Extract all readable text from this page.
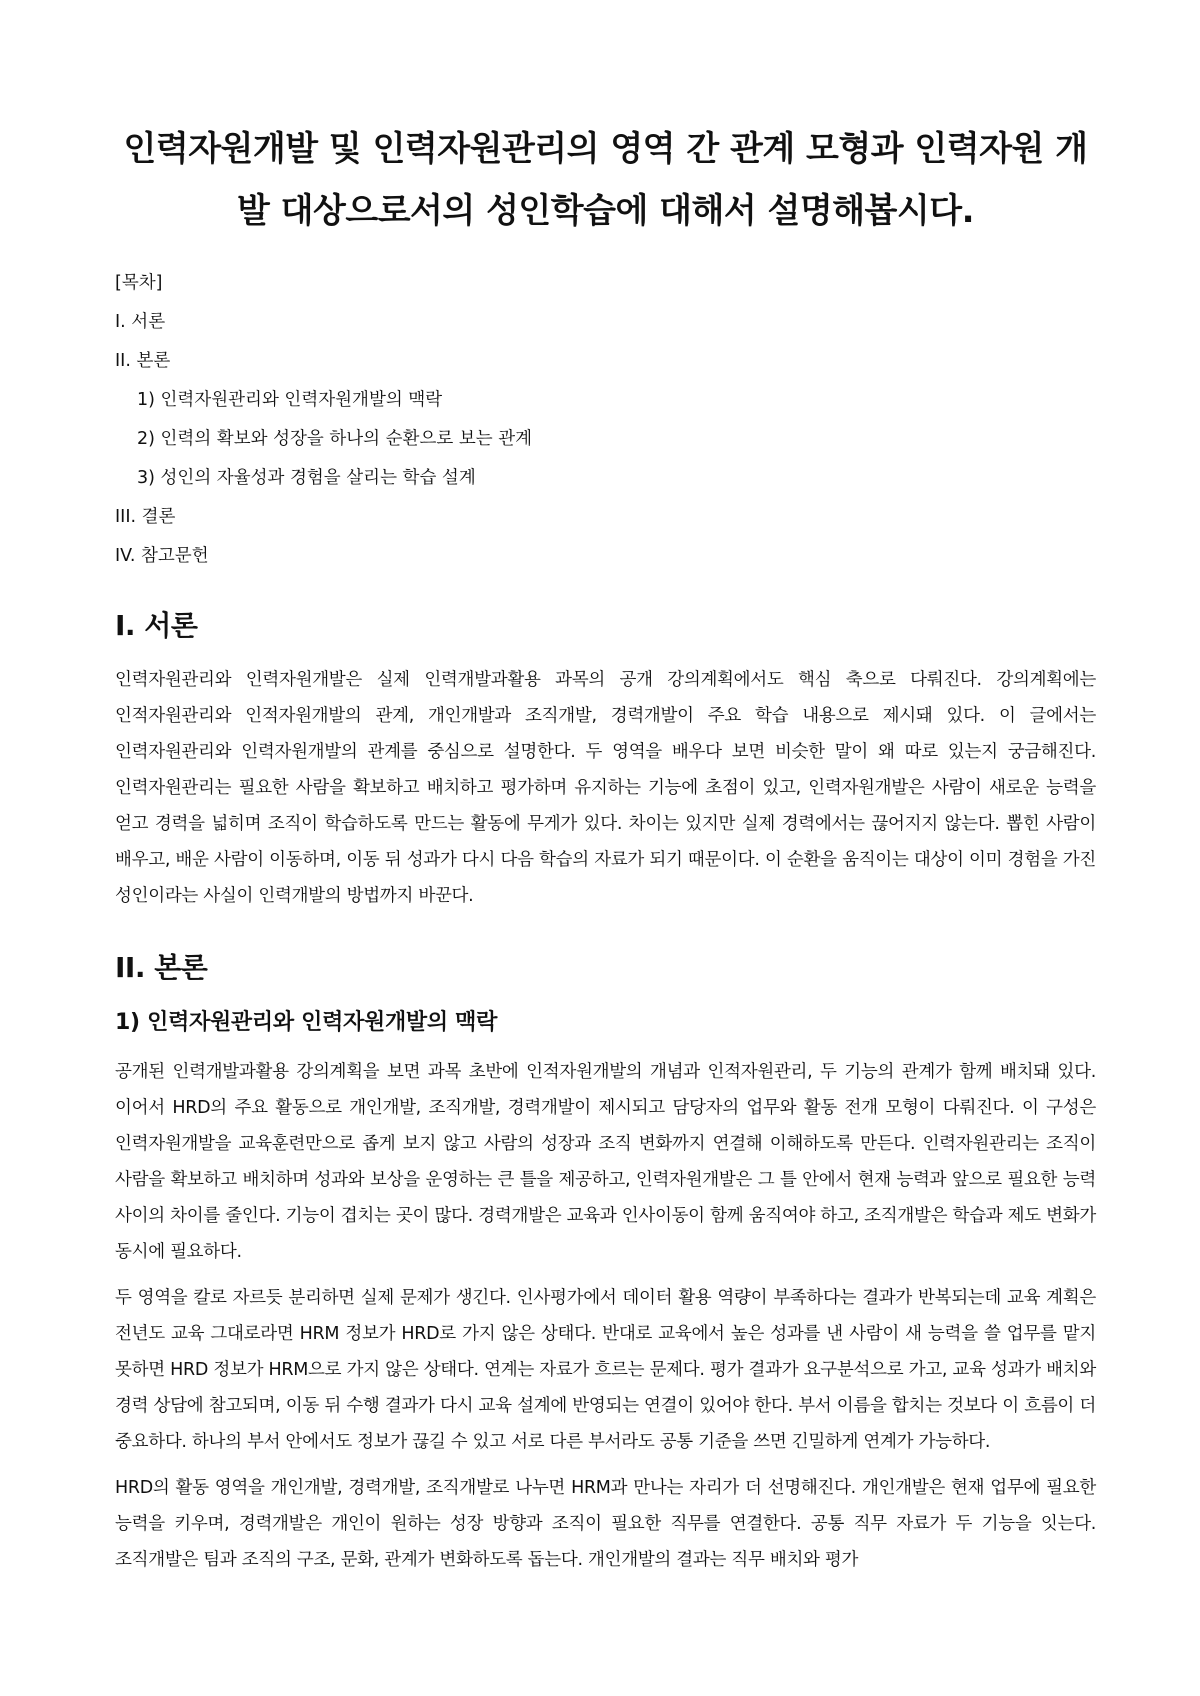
인력자원개발 및 인력자원관리의 영역 간 관계 모형과 인력자원 개발 대상으로서의 성인학습에 대해서 설명해봅시다.
[목차]
I. 서론
II. 본론
1) 인력자원관리와 인력자원개발의 맥락
2) 인력의 확보와 성장을 하나의 순환으로 보는 관계
3) 성인의 자율성과 경험을 살리는 학습 설계
III. 결론
IV. 참고문헌
I. 서론

인력자원관리와 인력자원개발은 실제 인력개발과활용 과목의 공개 강의계획에서도 핵심 축으로 다뤄진다. 강의계획에는 인적자원관리와 인적자원개발의 관계, 개인개발과 조직개발, 경력개발이 주요 학습 내용으로 제시돼 있다. 이 글에서는 인력자원관리와 인력자원개발의 관계를 중심으로 설명한다. 두 영역을 배우다 보면 비슷한 말이 왜 따로 있는지 궁금해진다. 인력자원관리는 필요한 사람을 확보하고 배치하고 평가하며 유지하는 기능에 초점이 있고, 인력자원개발은 사람이 새로운 능력을 얻고 경력을 넓히며 조직이 학습하도록 만드는 활동에 무게가 있다. 차이는 있지만 실제 경력에서는 끊어지지 않는다. 뽑힌 사람이 배우고, 배운 사람이 이동하며, 이동 뒤 성과가 다시 다음 학습의 자료가 되기 때문이다. 이 순환을 움직이는 대상이 이미 경험을 가진 성인이라는 사실이 인력개발의 방법까지 바꾼다.

II. 본론
1) 인력자원관리와 인력자원개발의 맥락

공개된 인력개발과활용 강의계획을 보면 과목 초반에 인적자원개발의 개념과 인적자원관리, 두 기능의 관계가 함께 배치돼 있다. 이어서 HRD의 주요 활동으로 개인개발, 조직개발, 경력개발이 제시되고 담당자의 업무와 활동 전개 모형이 다뤄진다. 이 구성은 인력자원개발을 교육훈련만으로 좁게 보지 않고 사람의 성장과 조직 변화까지 연결해 이해하도록 만든다. 인력자원관리는 조직이 사람을 확보하고 배치하며 성과와 보상을 운영하는 큰 틀을 제공하고, 인력자원개발은 그 틀 안에서 현재 능력과 앞으로 필요한 능력 사이의 차이를 줄인다. 기능이 겹치는 곳이 많다. 경력개발은 교육과 인사이동이 함께 움직여야 하고, 조직개발은 학습과 제도 변화가 동시에 필요하다.

두 영역을 칼로 자르듯 분리하면 실제 문제가 생긴다. 인사평가에서 데이터 활용 역량이 부족하다는 결과가 반복되는데 교육 계획은 전년도 교육 그대로라면 HRM 정보가 HRD로 가지 않은 상태다. 반대로 교육에서 높은 성과를 낸 사람이 새 능력을 쓸 업무를 맡지 못하면 HRD 정보가 HRM으로 가지 않은 상태다. 연계는 자료가 흐르는 문제다. 평가 결과가 요구분석으로 가고, 교육 성과가 배치와 경력 상담에 참고되며, 이동 뒤 수행 결과가 다시 교육 설계에 반영되는 연결이 있어야 한다. 부서 이름을 합치는 것보다 이 흐름이 더 중요하다. 하나의 부서 안에서도 정보가 끊길 수 있고 서로 다른 부서라도 공통 기준을 쓰면 긴밀하게 연계가 가능하다.

HRD의 활동 영역을 개인개발, 경력개발, 조직개발로 나누면 HRM과 만나는 자리가 더 선명해진다. 개인개발은 현재 업무에 필요한 능력을 키우며, 경력개발은 개인이 원하는 성장 방향과 조직이 필요한 직무를 연결한다. 공통 직무 자료가 두 기능을 잇는다. 조직개발은 팀과 조직의 구조, 문화, 관계가 변화하도록 돕는다. 개인개발의 결과는 직무 배치와 평가
